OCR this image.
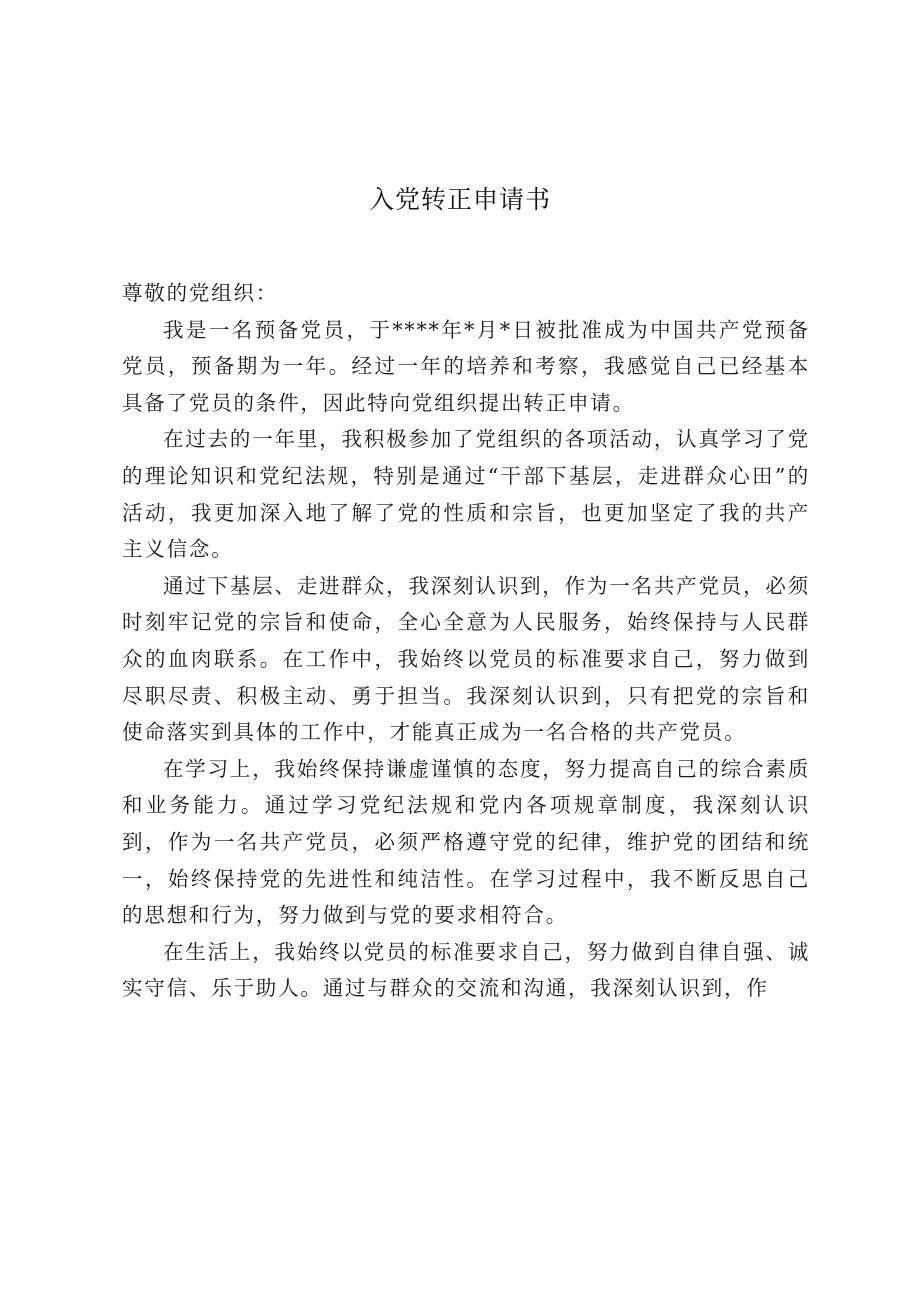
入党转正申请书

尊敬的党组织：

我是一名预备党员，于****年*月*日被批准成为中国共产党预备党员，预备期为一年。经过一年的培养和考察，我感觉自己已经基本具备了党员的条件，因此特向党组织提出转正申请。

在过去的一年里，我积极参加了党组织的各项活动，认真学习了党的理论知识和党纪法规，特别是通过“干部下基层，走进群众心田”的活动，我更加深入地了解了党的性质和宗旨，也更加坚定了我的共产主义信念。

通过下基层、走进群众，我深刻认识到，作为一名共产党员，必须时刻牢记党的宗旨和使命，全心全意为人民服务，始终保持与人民群众的血肉联系。在工作中，我始终以党员的标准要求自己，努力做到尽职尽责、积极主动、勇于担当。我深刻认识到，只有把党的宗旨和使命落实到具体的工作中，才能真正成为一名合格的共产党员。

在学习上，我始终保持谦虚谨慎的态度，努力提高自己的综合素质和业务能力。通过学习党纪法规和党内各项规章制度，我深刻认识到，作为一名共产党员，必须严格遵守党的纪律，维护党的团结和统一，始终保持党的先进性和纯洁性。在学习过程中，我不断反思自己的思想和行为，努力做到与党的要求相符合。

在生活上，我始终以党员的标准要求自己，努力做到自律自强、诚实守信、乐于助人。通过与群众的交流和沟通，我深刻认识到，作
